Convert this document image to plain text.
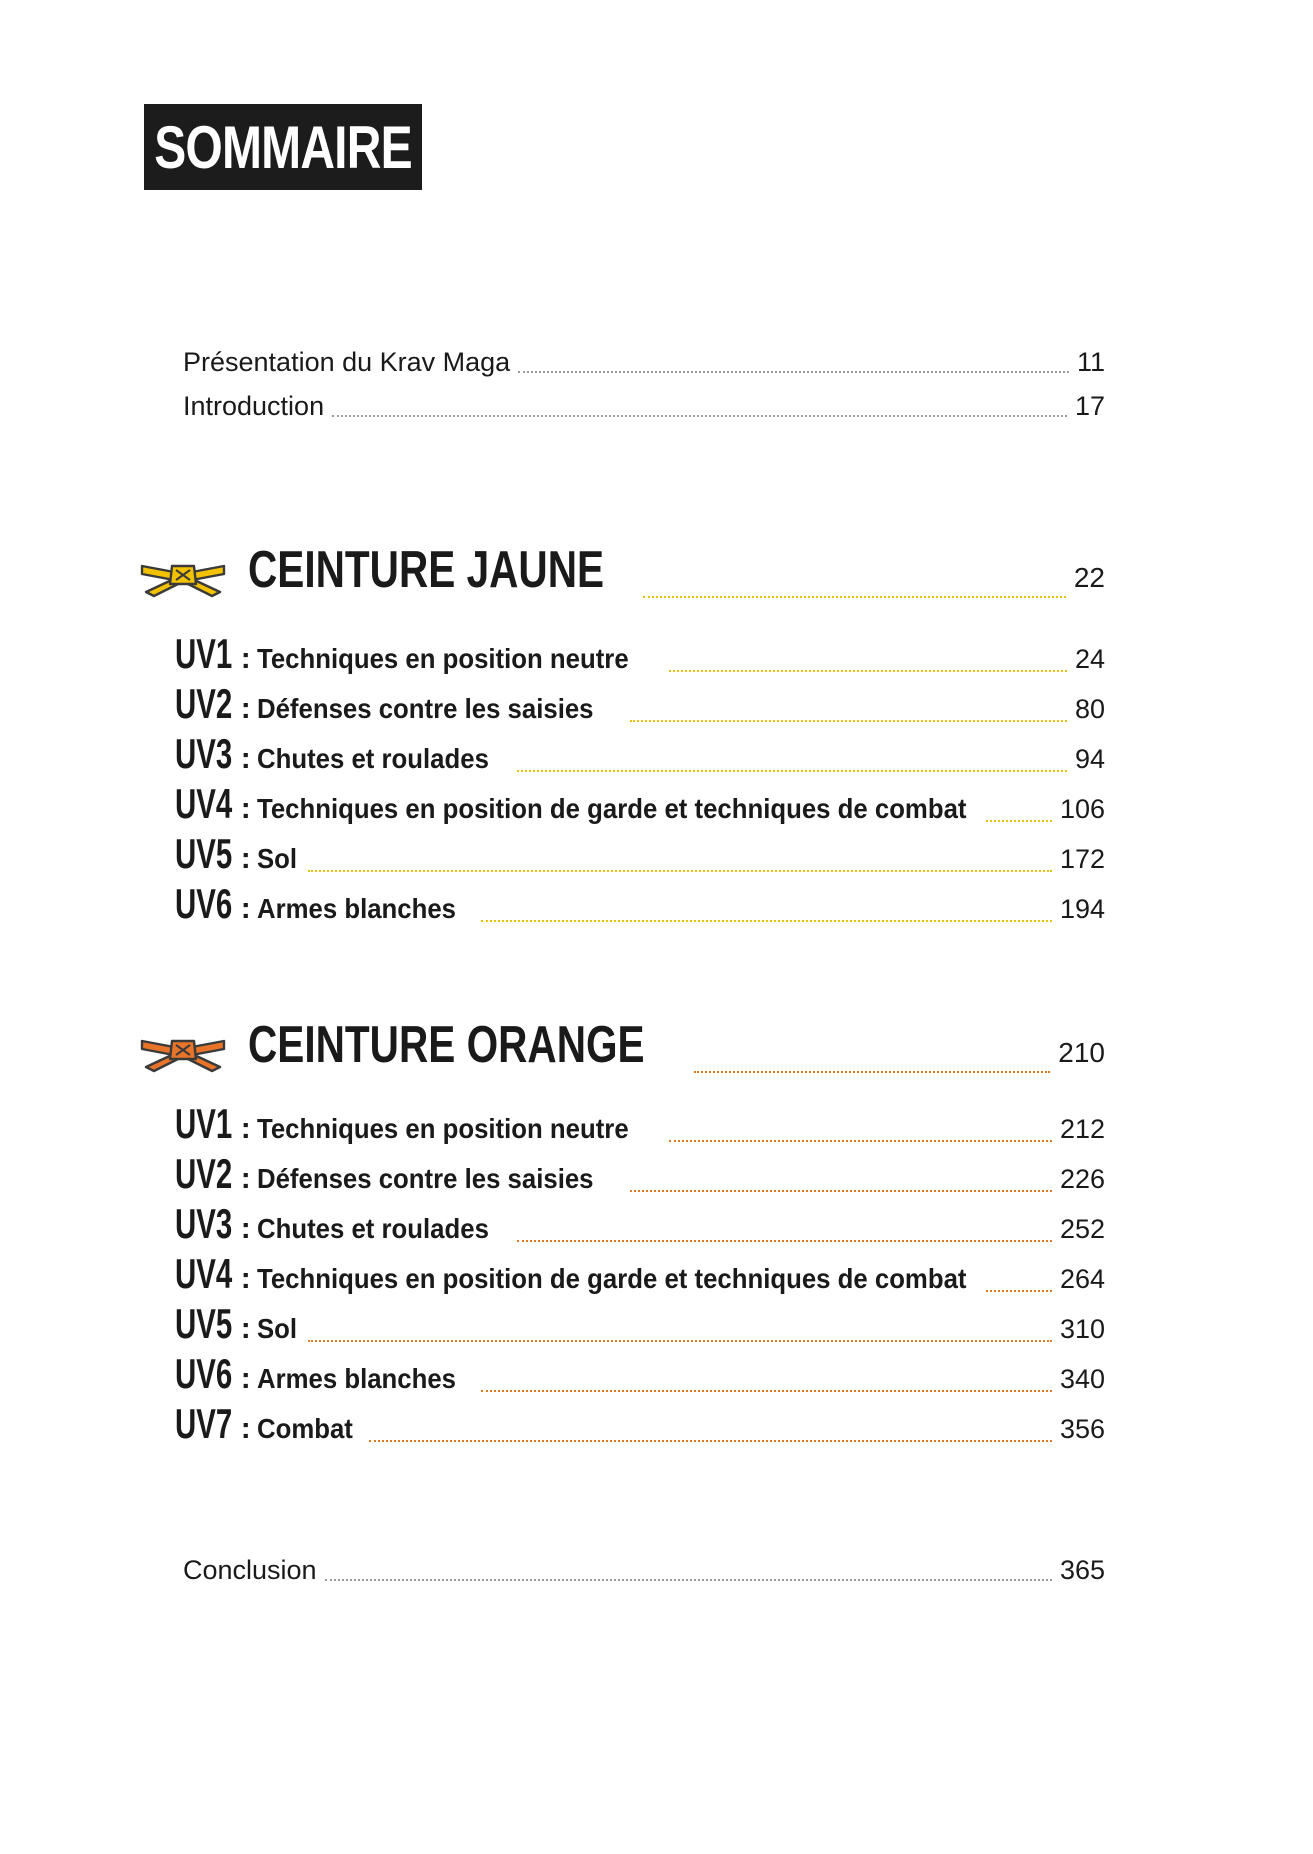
SOMMAIRE
Présentation du Krav Maga	11
Introduction	17
CEINTURE JAUNE	22
UV1 : Techniques en position neutre	24
UV2 : Défenses contre les saisies	80
UV3 : Chutes et roulades	94
UV4 : Techniques en position de garde et techniques de combat	106
UV5 : Sol	172
UV6 : Armes blanches	194
CEINTURE ORANGE	210
UV1 : Techniques en position neutre	212
UV2 : Défenses contre les saisies	226
UV3 : Chutes et roulades	252
UV4 : Techniques en position de garde et techniques de combat	264
UV5 : Sol	310
UV6 : Armes blanches	340
UV7 : Combat	356
Conclusion	365
